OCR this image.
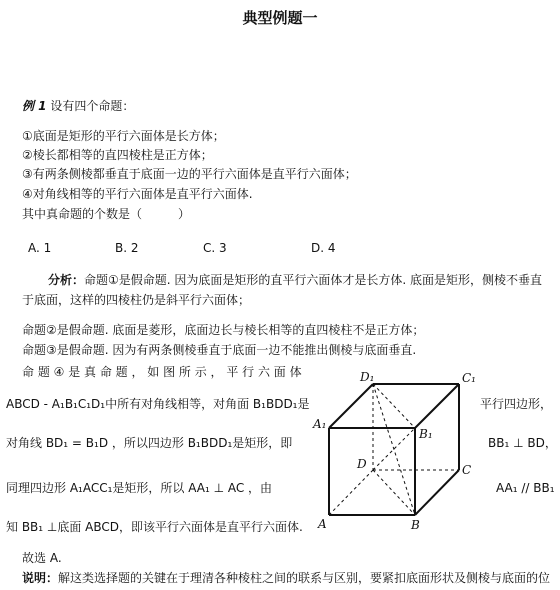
典型例题一
例 1 设有四个命题：
①底面是矩形的平行六面体是长方体；
②棱长都相等的直四棱柱是正方体；
③有两条侧棱都垂直于底面一边的平行六面体是直平行六面体；
④对角线相等的平行六面体是直平行六面体.
其中真命题的个数是（　　　）
A. 1	B. 2	C. 3	D. 4
分析：命题①是假命题. 因为底面是矩形的直平行六面体才是长方体. 底面是矩形，侧棱不垂直
于底面，这样的四棱柱仍是斜平行六面体；
命题②是假命题. 底面是菱形，底面边长与棱长相等的直四棱柱不是正方体；
命题③是假命题. 因为有两条侧棱垂直于底面一边不能推出侧棱与底面垂直.
命 题 ④ 是 真 命 题 ， 如 图 所 示 ， 平 行 六 面 体
ABCD - A₁B₁C₁D₁中所有对角线相等，对角面 B₁BDD₁是	平行四边形，
对角线 BD₁ = B₁D ，所以四边形 B₁BDD₁是矩形，即	BB₁ ⊥ BD，
同理四边形 A₁ACC₁是矩形，所以 AA₁ ⊥ AC ，由	AA₁ // BB₁
知 BB₁ ⊥底面 ABCD，即该平行六面体是直平行六面体.
故选 A.
说明：解这类选择题的关键在于理清各种棱柱之间的联系与区别，要紧扣底面形状及侧棱与底面的位
D₁	C₁
A₁
B₁
D	C
A	B
